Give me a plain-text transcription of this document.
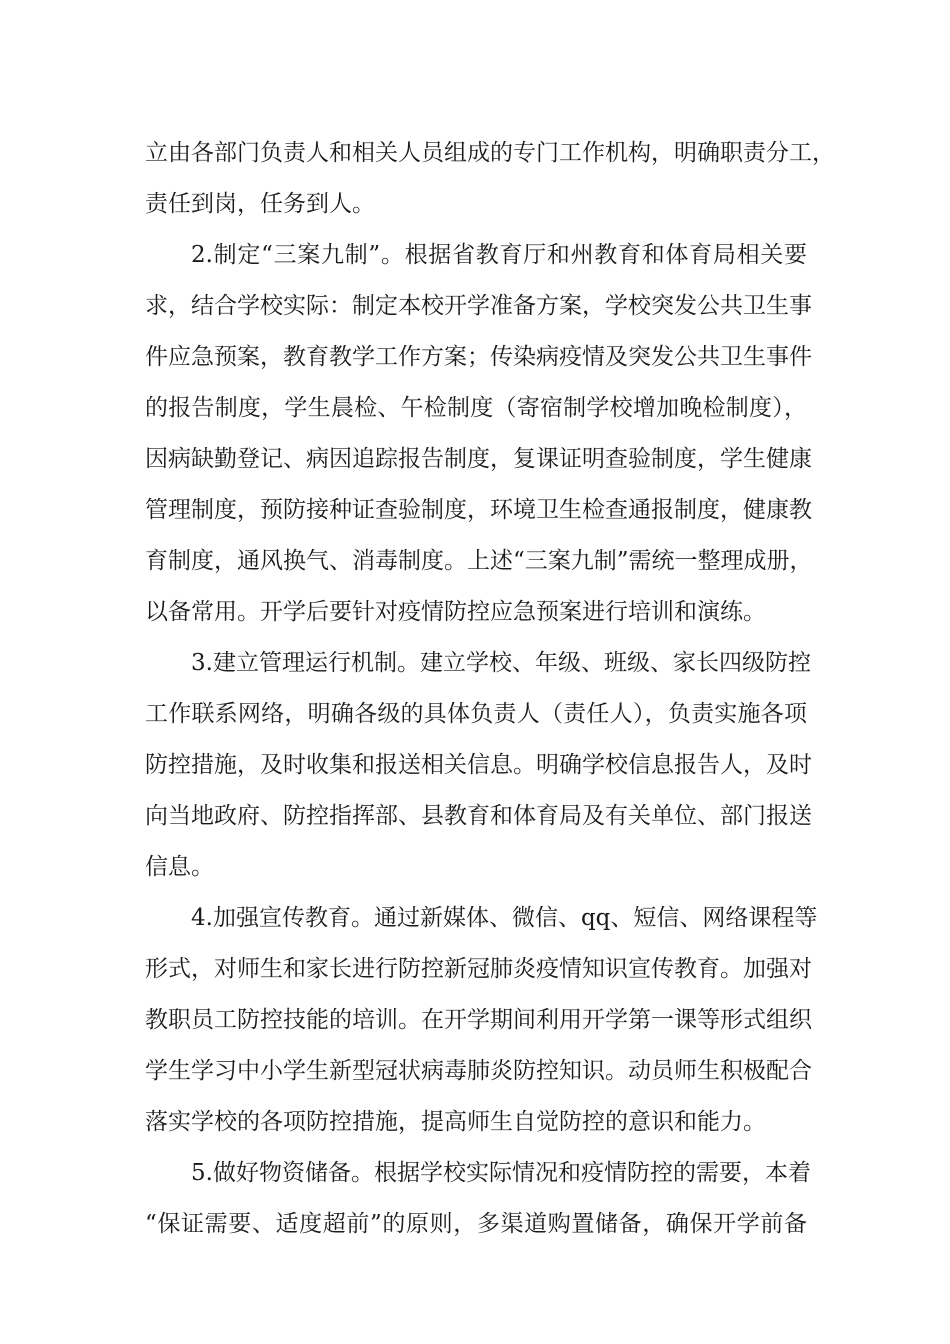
立由各部门负责人和相关人员组成的专门工作机构，明确职责分工，
责任到岗，任务到人。
2.制定“三案九制”。根据省教育厅和州教育和体育局相关要
求，结合学校实际：制定本校开学准备方案，学校突发公共卫生事
件应急预案，教育教学工作方案；传染病疫情及突发公共卫生事件
的报告制度，学生晨检、午检制度（寄宿制学校增加晚检制度），
因病缺勤登记、病因追踪报告制度，复课证明查验制度，学生健康
管理制度，预防接种证查验制度，环境卫生检查通报制度，健康教
育制度，通风换气、消毒制度。上述“三案九制”需统一整理成册，
以备常用。开学后要针对疫情防控应急预案进行培训和演练。
3.建立管理运行机制。建立学校、年级、班级、家长四级防控
工作联系网络，明确各级的具体负责人（责任人），负责实施各项
防控措施，及时收集和报送相关信息。明确学校信息报告人，及时
向当地政府、防控指挥部、县教育和体育局及有关单位、部门报送
信息。
4.加强宣传教育。通过新媒体、微信、qq、短信、网络课程等
形式，对师生和家长进行防控新冠肺炎疫情知识宣传教育。加强对
教职员工防控技能的培训。在开学期间利用开学第一课等形式组织
学生学习中小学生新型冠状病毒肺炎防控知识。动员师生积极配合
落实学校的各项防控措施，提高师生自觉防控的意识和能力。
5.做好物资储备。根据学校实际情况和疫情防控的需要，本着
“保证需要、适度超前”的原则，多渠道购置储备，确保开学前备
